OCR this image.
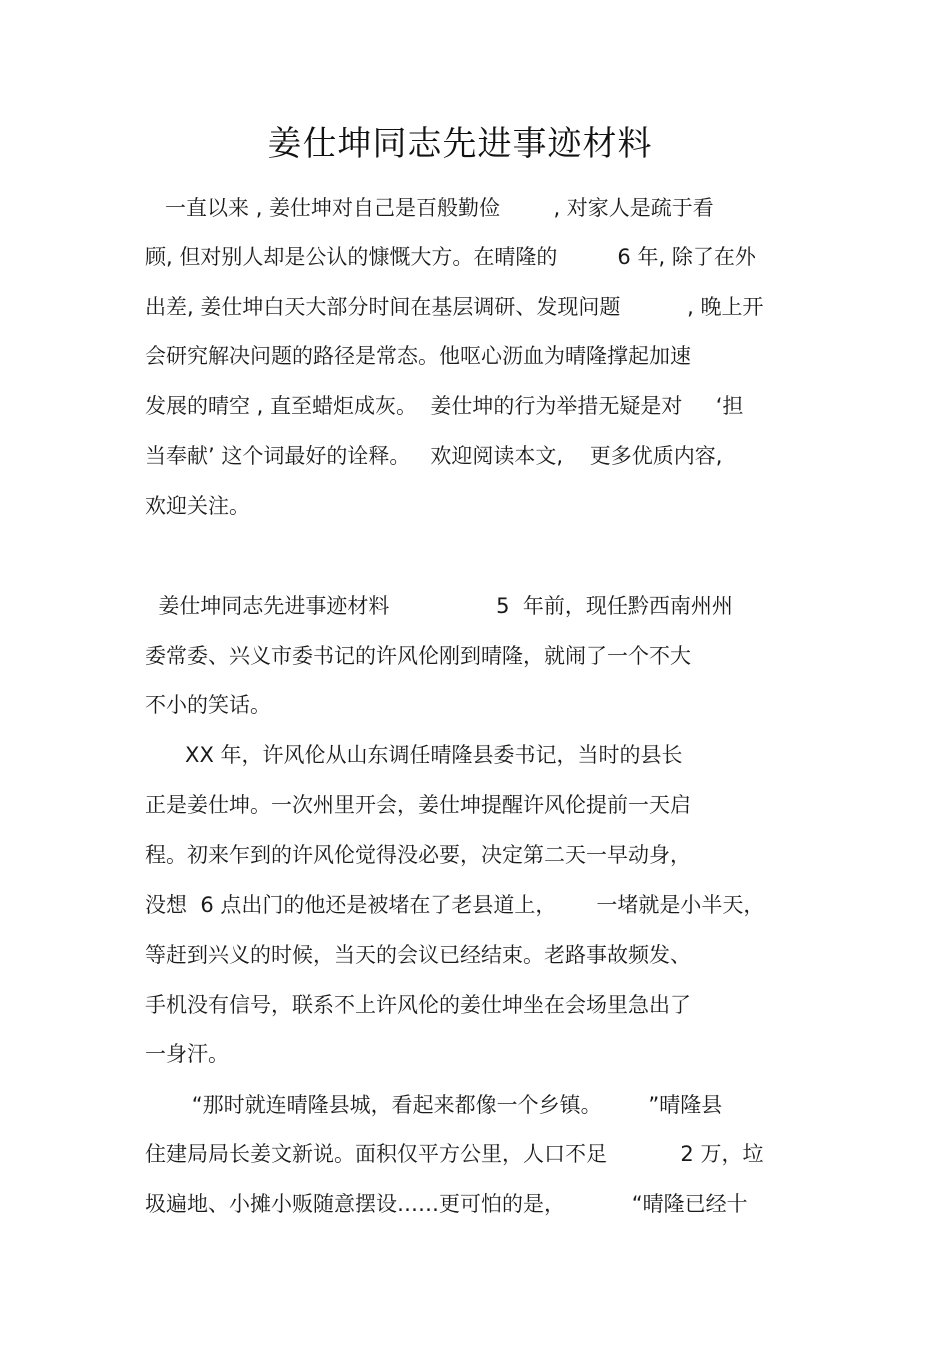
姜仕坤同志先进事迹材料
一直以来 , 姜仕坤对自己是百般勤俭        , 对家人是疏于看
顾, 但对别人却是公认的慷慨大方。在晴隆的         6 年, 除了在外
出差, 姜仕坤白天大部分时间在基层调研、发现问题          , 晚上开
会研究解决问题的路径是常态。他呕心沥血为晴隆撑起加速
发展的晴空 , 直至蜡炬成灰。  姜仕坤的行为举措无疑是对     ‘担
当奉献’ 这个词最好的诠释。   欢迎阅读本文,    更多优质内容,
欢迎关注。
姜仕坤同志先进事迹材料                5  年前，现任黔西南州州
委常委、兴义市委书记的许风伦刚到晴隆，就闹了一个不大
不小的笑话。
XX 年，许风伦从山东调任晴隆县委书记，当时的县长
正是姜仕坤。一次州里开会，姜仕坤提醒许风伦提前一天启
程。初来乍到的许风伦觉得没必要，决定第二天一早动身，
没想  6 点出门的他还是被堵在了老县道上，      一堵就是小半天，
等赶到兴义的时候，当天的会议已经结束。老路事故频发、
手机没有信号，联系不上许风伦的姜仕坤坐在会场里急出了
一身汗。
“那时就连晴隆县城，看起来都像一个乡镇。       ”晴隆县
住建局局长姜文新说。面积仅平方公里，人口不足           2 万，垃
圾遍地、小摊小贩随意摆设……更可怕的是，          “晴隆已经十
